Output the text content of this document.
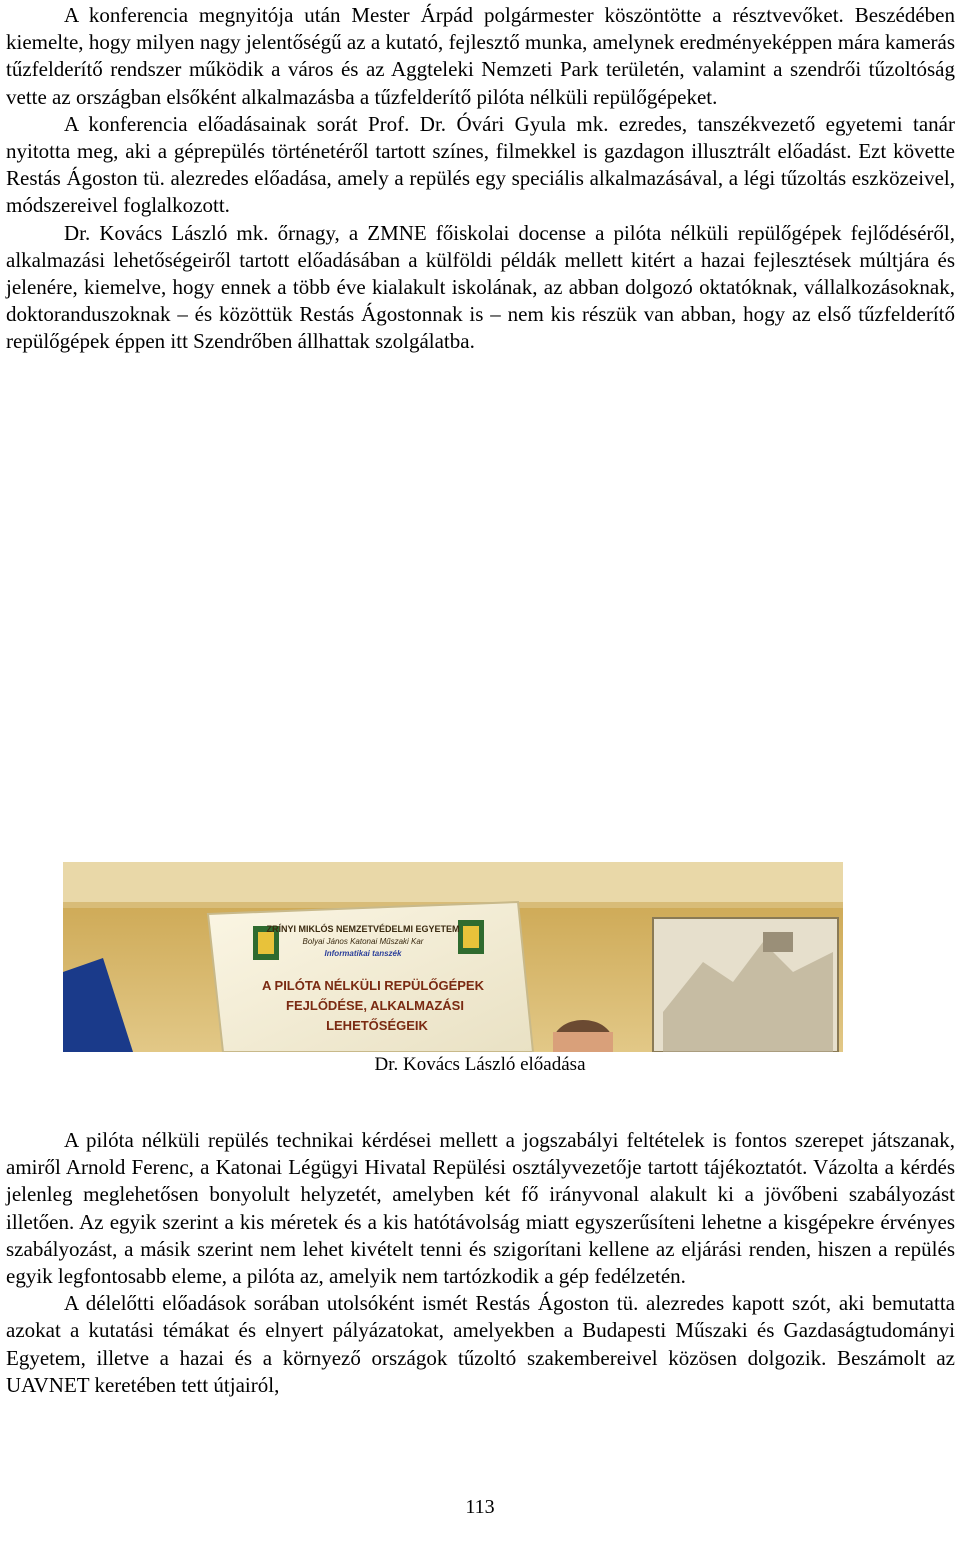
A konferencia megnyitója után Mester Árpád polgármester köszöntötte a résztvevőket. Beszédében kiemelte, hogy milyen nagy jelentőségű az a kutató, fejlesztő munka, amelynek eredményeképpen mára kamerás tűzfelderítő rendszer működik a város és az Aggteleki Nemzeti Park területén, valamint a szendrői tűzoltóság vette az országban elsőként alkalmazásba a tűzfelderítő pilóta nélküli repülőgépeket.

A konferencia előadásainak sorát Prof. Dr. Óvári Gyula mk. ezredes, tanszékvezető egyetemi tanár nyitotta meg, aki a géprepülés történetéről tartott színes, filmekkel is gazdagon illusztrált előadást. Ezt követte Restás Ágoston tü. alezredes előadása, amely a repülés egy speciális alkalmazásával, a légi tűzoltás eszközeivel, módszereivel foglalkozott.

Dr. Kovács László mk. őrnagy, a ZMNE főiskolai docense a pilóta nélküli repülőgépek fejlődéséről, alkalmazási lehetőségeiről tartott előadásában a külföldi példák mellett kitért a hazai fejlesztések múltjára és jelenére, kiemelve, hogy ennek a több éve kialakult iskolának, az abban dolgozó oktatóknak, vállalkozásoknak, doktoranduszoknak – és közöttük Restás Ágostonnak is – nem kis részük van abban, hogy az első tűzfelderítő repülőgépek éppen itt Szendrőben állhattak szolgálatba.

ZRÍNYI MIKLÓS NEMZETVÉDELMI EGYETEM
Bolyai János Katonai Műszaki Kar
Informatikai tanszék
A PILÓTA NÉLKÜLI REPÜLŐGÉPEK
FEJLŐDÉSE, ALKALMAZÁSI
LEHETŐSÉGEIK
Dr. Kovács László előadása

A pilóta nélküli repülés technikai kérdései mellett a jogszabályi feltételek is fontos szerepet játszanak, amiről Arnold Ferenc, a Katonai Légügyi Hivatal Repülési osztályvezetője tartott tájékoztatót. Vázolta a kérdés jelenleg meglehetősen bonyolult helyzetét, amelyben két fő irányvonal alakult ki a jövőbeni szabályozást illetően. Az egyik szerint a kis méretek és a kis hatótávolság miatt egyszerűsíteni lehetne a kisgépekre érvényes szabályozást, a másik szerint nem lehet kivételt tenni és szigorítani kellene az eljárási renden, hiszen a repülés egyik legfontosabb eleme, a pilóta az, amelyik nem tartózkodik a gép fedélzetén.

A délelőtti előadások sorában utolsóként ismét Restás Ágoston tü. alezredes kapott szót, aki bemutatta azokat a kutatási témákat és elnyert pályázatokat, amelyekben a Budapesti Műszaki és Gazdaságtudományi Egyetem, illetve a hazai és a környező országok tűzoltó szakembereivel közösen dolgozik. Beszámolt az UAVNET keretében tett útjairól,

113
